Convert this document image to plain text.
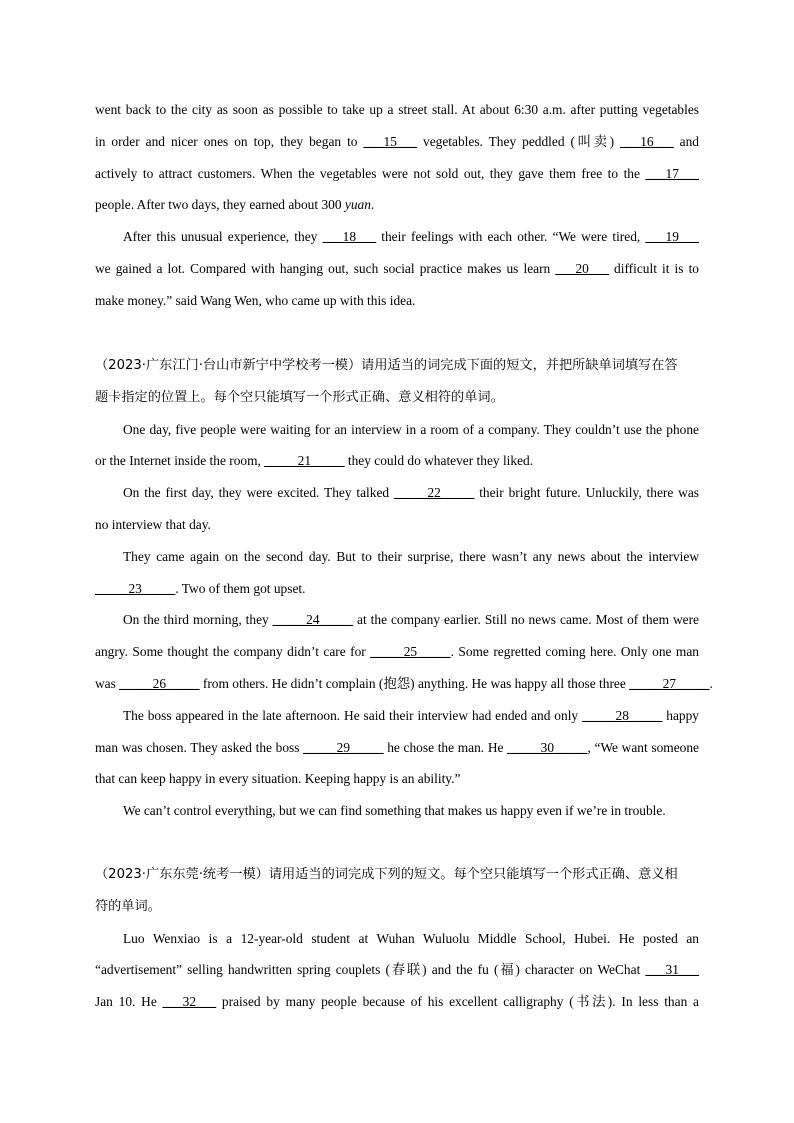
went back to the city as soon as possible to take up a street stall. At about 6:30 a.m. after putting vegetables
in order and nicer ones on top, they began to ___15___ vegetables. They peddled (叫卖) ___16___ and
actively to attract customers. When the vegetables were not sold out, they gave them free to the ___17___
people. After two days, they earned about 300 yuan.
After this unusual experience, they ___18___ their feelings with each other. “We were tired, ___19___
we gained a lot. Compared with hanging out, such social practice makes us learn ___20___ difficult it is to
make money.” said Wang Wen, who came up with this idea.
（2023·广东江门·台山市新宁中学校考一模）请用适当的词完成下面的短文，并把所缺单词填写在答
题卡指定的位置上。每个空只能填写一个形式正确、意义相符的单词。
One day, five people were waiting for an interview in a room of a company. They couldn’t use the phone
or the Internet inside the room, _____21_____ they could do whatever they liked.
On the first day, they were excited. They talked _____22_____ their bright future. Unluckily, there was
no interview that day.
They came again on the second day. But to their surprise, there wasn’t any news about the interview
_____23_____. Two of them got upset.
On the third morning, they _____24_____ at the company earlier. Still no news came. Most of them were
angry. Some thought the company didn’t care for _____25_____. Some regretted coming here. Only one man
was _____26_____ from others. He didn’t complain (抱怨) anything. He was happy all those three _____27_____.
The boss appeared in the late afternoon. He said their interview had ended and only _____28_____ happy
man was chosen. They asked the boss _____29_____ he chose the man. He _____30_____, “We want someone
that can keep happy in every situation. Keeping happy is an ability.”
We can’t control everything, but we can find something that makes us happy even if we’re in trouble.
（2023·广东东莞·统考一模）请用适当的词完成下列的短文。每个空只能填写一个形式正确、意义相
符的单词。
Luo Wenxiao is a 12-year-old student at Wuhan Wuluolu Middle School, Hubei. He posted an
“advertisement” selling handwritten spring couplets (春联) and the fu (福) character on WeChat ___31___
Jan 10. He ___32___ praised by many people because of his excellent calligraphy (书法). In less than a
